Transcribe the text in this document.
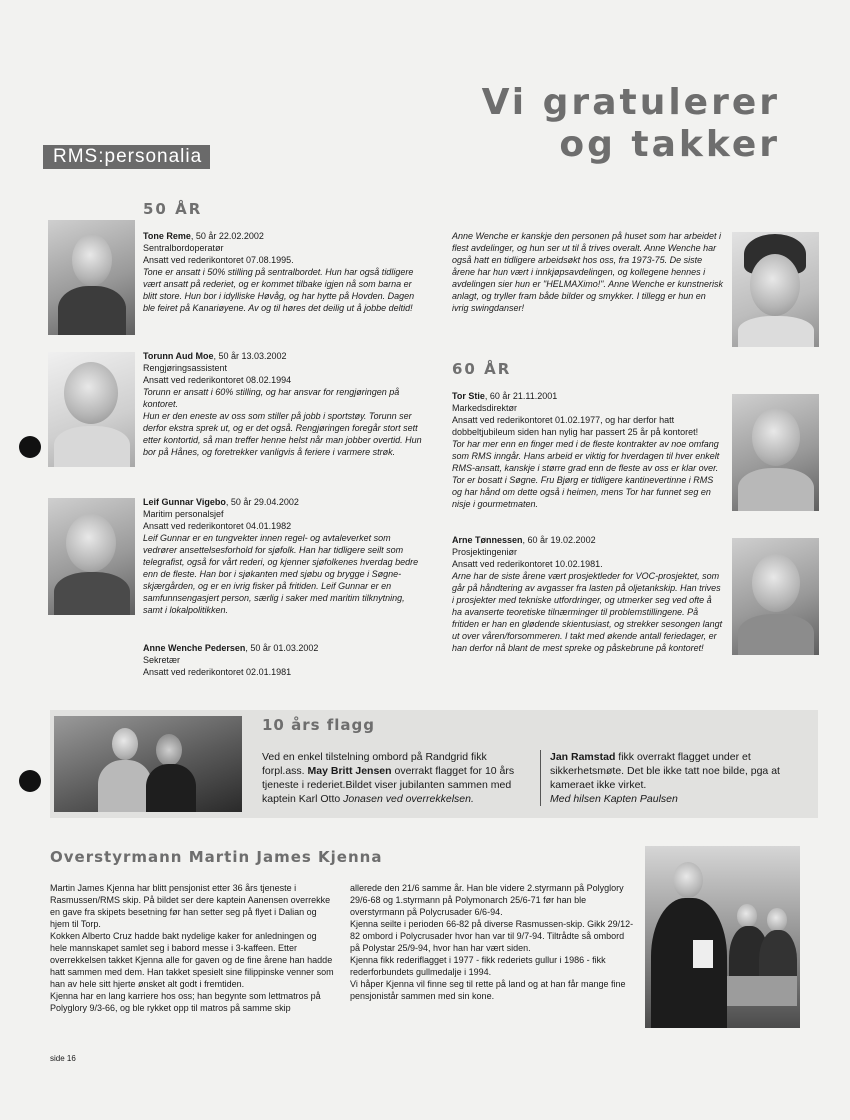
Vi gratulerer
og takker
RMS:personalia
50 ÅR

Tone Reme, 50 år 22.02.2002

Sentralbordoperatør

Ansatt ved rederikontoret 07.08.1995.

Tone er ansatt i 50% stilling på sentralbordet. Hun har også tidligere vært ansatt på rederiet, og er kommet tilbake igjen nå som barna er blitt store. Hun bor i idylliske Høvåg, og har hytte på Hovden. Dagen ble feiret på Kanariøyene. Av og til høres det deilig ut å jobbe deltid!

Torunn Aud Moe, 50 år 13.03.2002

Rengjøringsassistent

Ansatt ved rederikontoret 08.02.1994

Torunn er ansatt i 60% stilling, og har ansvar for rengjøringen på kontoret.

Hun er den eneste av oss som stiller på jobb i sportstøy. Torunn ser derfor ekstra sprek ut, og er det også. Rengjøringen foregår stort sett etter kontortid, så man treffer henne helst når man jobber overtid. Hun bor på Hånes, og foretrekker vanligvis å feriere i varmere strøk.

Leif Gunnar Vigebo, 50 år 29.04.2002

Maritim personalsjef

Ansatt ved rederikontoret 04.01.1982

Leif Gunnar er en tungvekter innen regel- og avtaleverket som vedrører ansettelsesforhold for sjøfolk. Han har tidligere seilt som telegrafist, også for vårt rederi, og kjenner sjøfolkenes hverdag bedre enn de fleste. Han bor i sjøkanten med sjøbu og brygge i Søgne-skjærgården, og er en ivrig fisker på fritiden. Leif Gunnar er en samfunnsengasjert person, særlig i saker med maritim tilknytning, samt i lokalpolitikken.

Anne Wenche Pedersen, 50 år 01.03.2002

Sekretær

Ansatt ved rederikontoret 02.01.1981

Anne Wenche er kanskje den personen på huset som har arbeidet i flest avdelinger, og hun ser ut til å trives overalt. Anne Wenche har også hatt en tidligere arbeidsøkt hos oss, fra 1973-75. De siste årene har hun vært i innkjøpsavdelingen, og kollegene hennes i avdelingen sier hun er "HELMAXimo!". Anne Wenche er kunstnerisk anlagt, og tryller fram både bilder og smykker. I tillegg er hun en ivrig swingdanser!

60 ÅR

Tor Stie, 60 år 21.11.2001

Markedsdirektør

Ansatt ved rederikontoret 01.02.1977, og har derfor hatt dobbeltjubileum siden han nylig har passert 25 år på kontoret!

Tor har mer enn en finger med i de fleste kontrakter av noe omfang som RMS inngår. Hans arbeid er viktig for hverdagen til hver enkelt RMS-ansatt, kanskje i større grad enn de fleste av oss er klar over. Tor er bosatt i Søgne. Fru Bjørg er tidligere kantinevertinne i RMS og har hånd om dette også i heimen, mens Tor har funnet seg en nisje i gourmetmaten.

Arne Tønnessen, 60 år 19.02.2002

Prosjektingeniør

Ansatt ved rederikontoret 10.02.1981.

Arne har de siste årene vært prosjektleder for VOC-prosjektet, som går på håndtering av avgasser fra lasten på oljetankskip. Han trives i prosjekter med tekniske utfordringer, og utmerker seg ved ofte å ha avanserte teoretiske tilnærminger til problemstillingene. På fritiden er han en glødende skientusiast, og strekker sesongen langt ut over våren/forsommeren. I takt med økende antall feriedager, er han derfor nå blant de mest spreke og påskebrune på kontoret!

10 års flagg
Ved en enkel tilstelning ombord på Randgrid fikk forpl.ass. May Britt Jensen overrakt flagget for 10 års tjeneste i rederiet.Bildet viser jubilanten sammen med kaptein Karl Otto Jonasen ved overrekkelsen.
Jan Ramstad fikk overrakt flagget under et sikkerhetsmøte. Det ble ikke tatt noe bilde, pga at kameraet ikke virket.
Med hilsen Kapten Paulsen
Overstyrmann Martin James Kjenna

Martin James Kjenna har blitt pensjonist etter 36 års tjeneste i Rasmussen/RMS skip. På bildet ser dere kaptein Aanensen overrekke en gave fra skipets besetning før han setter seg på flyet i Dalian og hjem til Torp.

Kokken Alberto Cruz hadde bakt nydelige kaker for anledningen og hele mannskapet samlet seg i babord messe i 3-kaffeen. Etter overrekkelsen takket Kjenna alle for gaven og de fine årene han hadde hatt sammen med dem. Han takket spesielt sine filippinske venner som han av hele sitt hjerte ønsket alt godt i fremtiden.

Kjenna har en lang karriere hos oss; han begynte som lettmatros på Polyglory 9/3-66, og ble rykket opp til matros på samme skip

allerede den 21/6 samme år. Han ble videre 2.styrmann på Polyglory 29/6-68 og 1.styrmann på Polymonarch 25/6-71 før han ble overstyrmann på Polycrusader 6/6-94.

Kjenna seilte i perioden 66-82 på diverse Rasmussen-skip. Gikk 29/12-82 ombord i Polycrusader hvor han var til 9/7-94. Tiltrådte så ombord på Polystar 25/9-94, hvor han har vært siden.

Kjenna fikk rederiflagget i 1977 - fikk rederiets gullur i 1986 - fikk rederforbundets gullmedalje i 1994.

Vi håper Kjenna vil finne seg til rette på land og at han får mange fine pensjonistår sammen med sin kone.

side 16
